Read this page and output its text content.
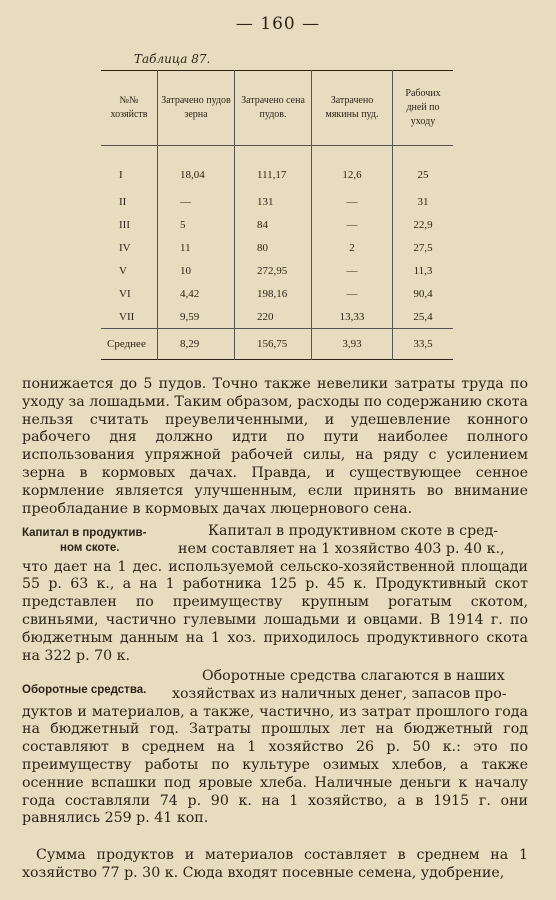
— 160 —
Таблица 87.
№№ хозяйств	Затрачено пудов зерна	Затрачено сена пудов.	Затрачено мякины пуд.	Рабочих дней по уходу
I	18,04	111,17	12,6	25
II	—	131	—	31
III	5	84	—	22,9
IV	11	80	2	27,5
V	10	272,95	—	11,3
VI	4,42	198,16	—	90,4
VII	9,59	220	13,33	25,4
Среднее	8,29	156,75	3,93	33,5

понижается до 5 пудов. Точно также невелики затраты труда по уходу за лошадьми. Таким образом, расходы по содержанию скота нельзя считать преувеличенными, и удешевление конного рабочего дня должно идти по пути наиболее полного использования упряжной рабочей силы, на ряду с усилением зерна в кормовых дачах. Правда, и существующее сенное кормление является улучшенным, если принять во внимание преобладание в кормовых дачах люцернового сена.

Капитал в продуктив-
ном скоте.
Капитал в продуктивном скоте в сред-
нем составляет на 1 хозяйство 403 р. 40 к.,
что дает на 1 дес. используемой сельско-хозяйственной площади 55 р. 63 к., а на 1 работника 125 р. 45 к. Продуктивный скот представлен по преимуществу крупным рогатым скотом, свиньями, частично гулевыми лошадьми и овцами. В 1914 г. по бюджетным данным на 1 хоз. приходилось продуктивного скота на 322 р. 70 к.
Оборотные средства.
Оборотные средства слагаются в наших
хозяйствах из наличных денег, запасов про-
дуктов и материалов, а также, частично, из затрат прошлого года на бюджетный год. Затраты прошлых лет на бюджетный год составляют в среднем на 1 хозяйство 26 р. 50 к.: это по преимуществу работы по культуре озимых хлебов, а также осенние вспашки под яровые хлеба. Наличные деньги к началу года составляли 74 р. 90 к. на 1 хозяйство, а в 1915 г. они равнялись 259 р. 41 коп.

Сумма продуктов и материалов составляет в среднем на 1 хозяйство 77 р. 30 к. Сюда входят посевные семена, удобрение,
